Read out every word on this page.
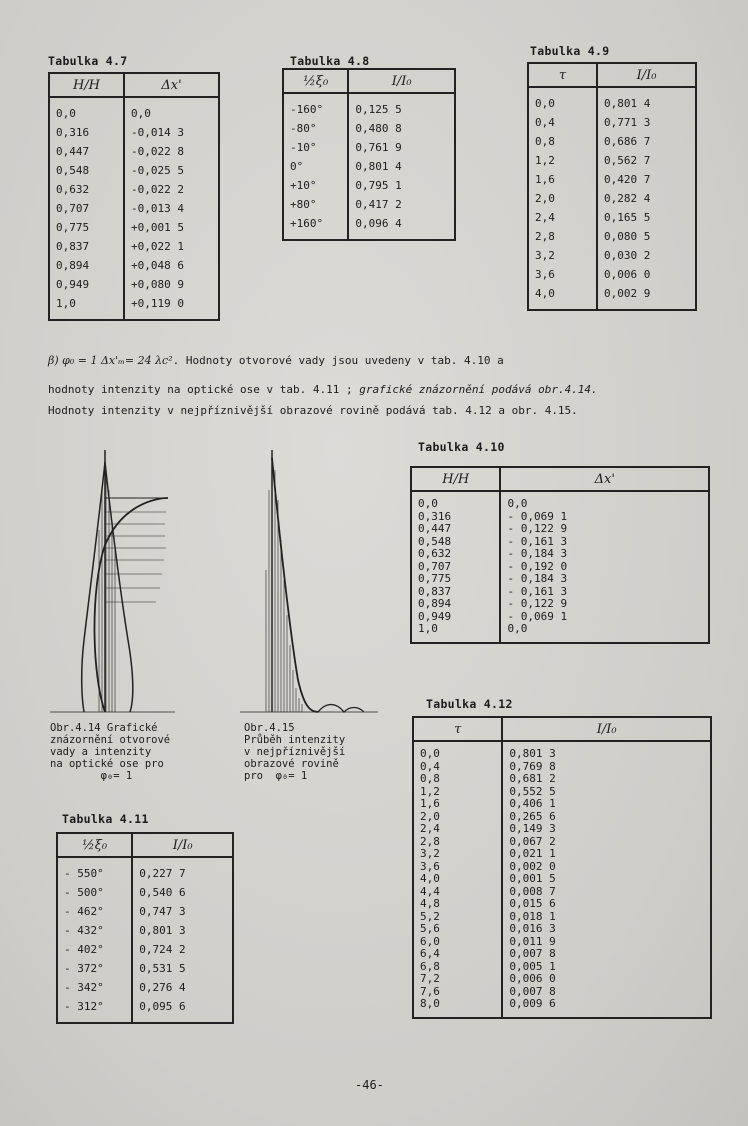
Tabulka 4.7
H/H	Δx'
0,0	0,0
0,316	-0,014 3
0,447	-0,022 8
0,548	-0,025 5
0,632	-0,022 2
0,707	-0,013 4
0,775	+0,001 5
0,837	+0,022 1
0,894	+0,048 6
0,949	+0,080 9
1,0	+0,119 0
Tabulka 4.8
½ξ₀	I/I₀
-160°	0,125 5
-80°	0,480 8
-10°	0,761 9
0°	0,801 4
+10°	0,795 1
+80°	0,417 2
+160°	0,096 4
Tabulka 4.9
τ	I/I₀
0,0	0,801 4
0,4	0,771 3
0,8	0,686 7
1,2	0,562 7
1,6	0,420 7
2,0	0,282 4
2,4	0,165 5
2,8	0,080 5
3,2	0,030 2
3,6	0,006 0
4,0	0,002 9
β) φ₀ = 1 Δx'ₘ= 24 λc². Hodnoty otvorové vady jsou uvedeny v tab. 4.10 a
hodnoty intenzity na optické ose v tab. 4.11 ; grafické znázornění podává obr.4.14.
Hodnoty intenzity v nejpříznivější obrazové rovině podává tab. 4.12 a obr. 4.15.
Tabulka 4.10
H/H	Δx'
0,0	0,0
0,316	- 0,069 1
0,447	- 0,122 9
0,548	- 0,161 3
0,632	- 0,184 3
0,707	- 0,192 0
0,775	- 0,184 3
0,837	- 0,161 3
0,894	- 0,122 9
0,949	- 0,069 1
1,0	0,0
Obr.4.14 Grafické
znázornění otvorové
vady a intenzity
na optické ose pro
φ₀= 1
Obr.4.15
Průběh intenzity
v nejpříznivější
obrazové rovině
pro  φ₀= 1
Tabulka 4.11
½ξ₀	I/I₀
- 550°	0,227 7
- 500°	0,540 6
- 462°	0,747 3
- 432°	0,801 3
- 402°	0,724 2
- 372°	0,531 5
- 342°	0,276 4
- 312°	0,095 6
Tabulka 4.12
τ	I/I₀
0,0	0,801 3
0,4	0,769 8
0,8	0,681 2
1,2	0,552 5
1,6	0,406 1
2,0	0,265 6
2,4	0,149 3
2,8	0,067 2
3,2	0,021 1
3,6	0,002 0
4,0	0,001 5
4,4	0,008 7
4,8	0,015 6
5,2	0,018 1
5,6	0,016 3
6,0	0,011 9
6,4	0,007 8
6,8	0,005 1
7,2	0,006 0
7,6	0,007 8
8,0	0,009 6
-46-
